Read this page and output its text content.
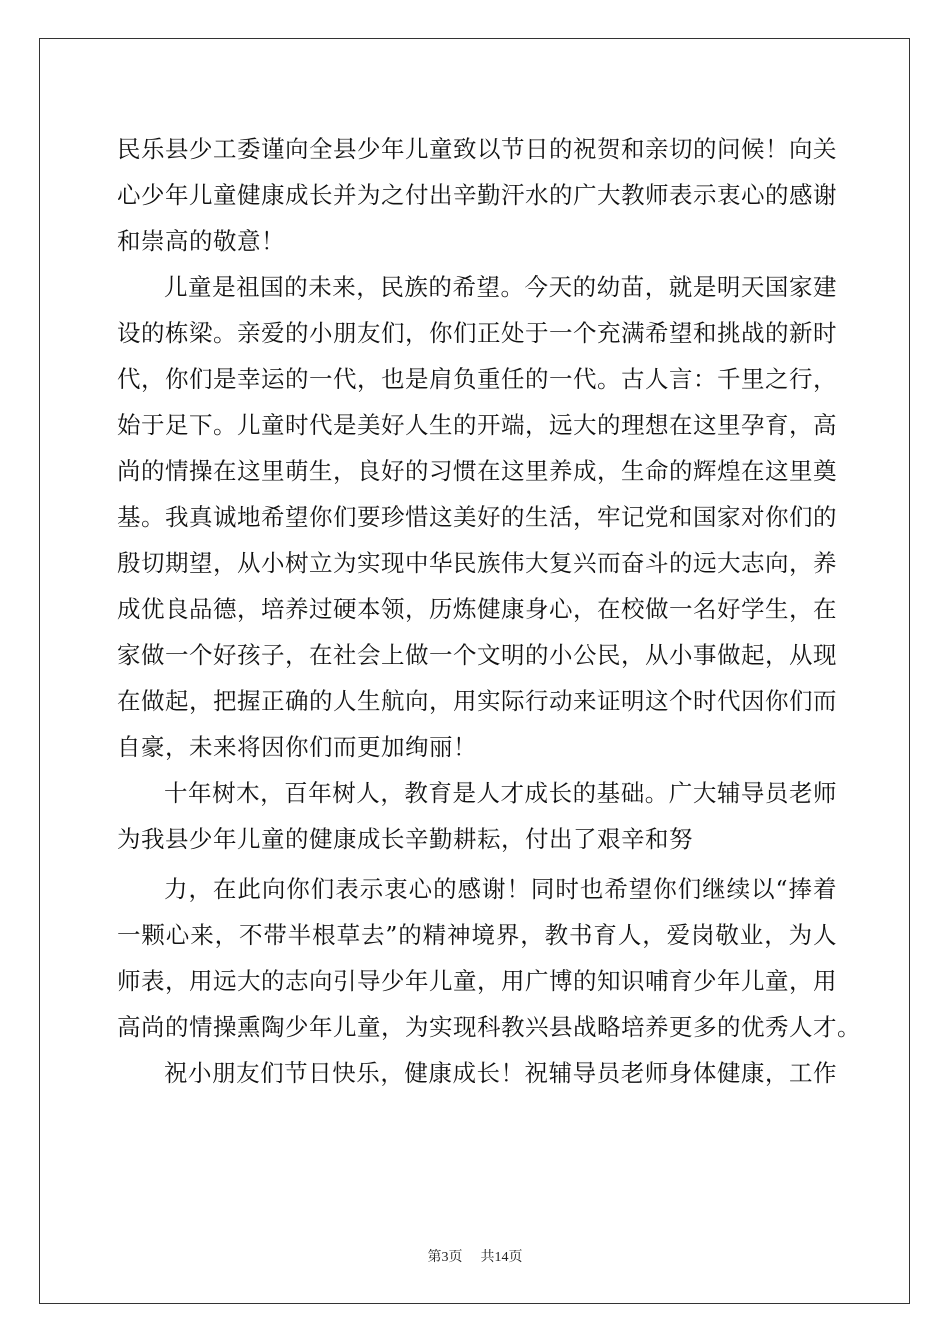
民乐县少工委谨向全县少年儿童致以节日的祝贺和亲切的问候！向关
心少年儿童健康成长并为之付出辛勤汗水的广大教师表示衷心的感谢
和崇高的敬意！
儿童是祖国的未来，民族的希望。今天的幼苗，就是明天国家建
设的栋梁。亲爱的小朋友们，你们正处于一个充满希望和挑战的新时
代，你们是幸运的一代，也是肩负重任的一代。古人言：千里之行，
始于足下。儿童时代是美好人生的开端，远大的理想在这里孕育，高
尚的情操在这里萌生，良好的习惯在这里养成，生命的辉煌在这里奠
基。我真诚地希望你们要珍惜这美好的生活，牢记党和国家对你们的
殷切期望，从小树立为实现中华民族伟大复兴而奋斗的远大志向，养
成优良品德，培养过硬本领，历炼健康身心，在校做一名好学生，在
家做一个好孩子，在社会上做一个文明的小公民，从小事做起，从现
在做起，把握正确的人生航向，用实际行动来证明这个时代因你们而
自豪，未来将因你们而更加绚丽！
十年树木，百年树人，教育是人才成长的基础。广大辅导员老师
为我县少年儿童的健康成长辛勤耕耘，付出了艰辛和努
力，在此向你们表示衷心的感谢！同时也希望你们继续以“捧着
一颗心来，不带半根草去”的精神境界，教书育人，爱岗敬业，为人
师表，用远大的志向引导少年儿童，用广博的知识哺育少年儿童，用
高尚的情操熏陶少年儿童，为实现科教兴县战略培养更多的优秀人才。
祝小朋友们节日快乐，健康成长！祝辅导员老师身体健康，工作
第3页 共14页
